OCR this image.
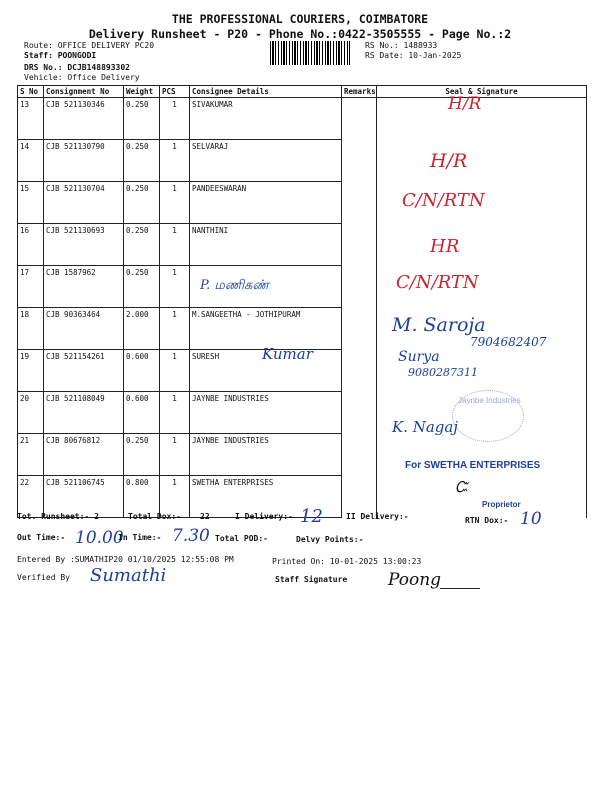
THE PROFESSIONAL COURIERS, COIMBATORE
Delivery Runsheet - P20 - Phone No.:0422-3505555 - Page No.:2
Route: OFFICE DELIVERY PC20
Staff: POONGODI
DRS No.: DCJB148893302
Vehicle: Office Delivery
RS No.: 1488933
RS Date: 10-Jan-2025
S No	Consignment No	Weight	PCS	Consignee Details	Remarks	Seal & Signature
13	CJB 521130346	0.250	1	SIVAKUMAR		
14	CJB 521130790	0.250	1	SELVARAJ		
15	CJB 521130704	0.250	1	PANDEESWARAN		
16	CJB 521130693	0.250	1	NANTHINI		
17	CJB 1587962	0.250	1			
18	CJB 90363464	2.000	1	M.SANGEETHA - JOTHIPURAM		
19	CJB 521154261	0.600	1	SURESH		
20	CJB 521108049	0.600	1	JAYNBE INDUSTRIES		
21	CJB 80676812	0.250	1	JAYNBE INDUSTRIES		
22	CJB 521106745	0.800	1	SWETHA ENTERPRISES		
H/R
H/R
C/N/RTN
HR
P. மணிகண்	C/N/RTN
M. Saroja
7904682407
Kumar	Surya
9080287311
Jaynbe Industries
K. Nagaj
For SWETHA ENTERPRISES
Ꮸ
Proprietor
Tot. Runsheet:- 2	Total Dox:- 22	I Delivery:- 12	II Delivery:-	RTN Dox:- 10
Out Time:- 10.00
In Time:- 7.30 Total POD:-	Delvy Points:-
Entered By :SUMATHIP20 01/10/2025 12:55:08 PM	Printed On: 10-01-2025 13:00:23
Verified By Sumathi	Staff Signature Poong
